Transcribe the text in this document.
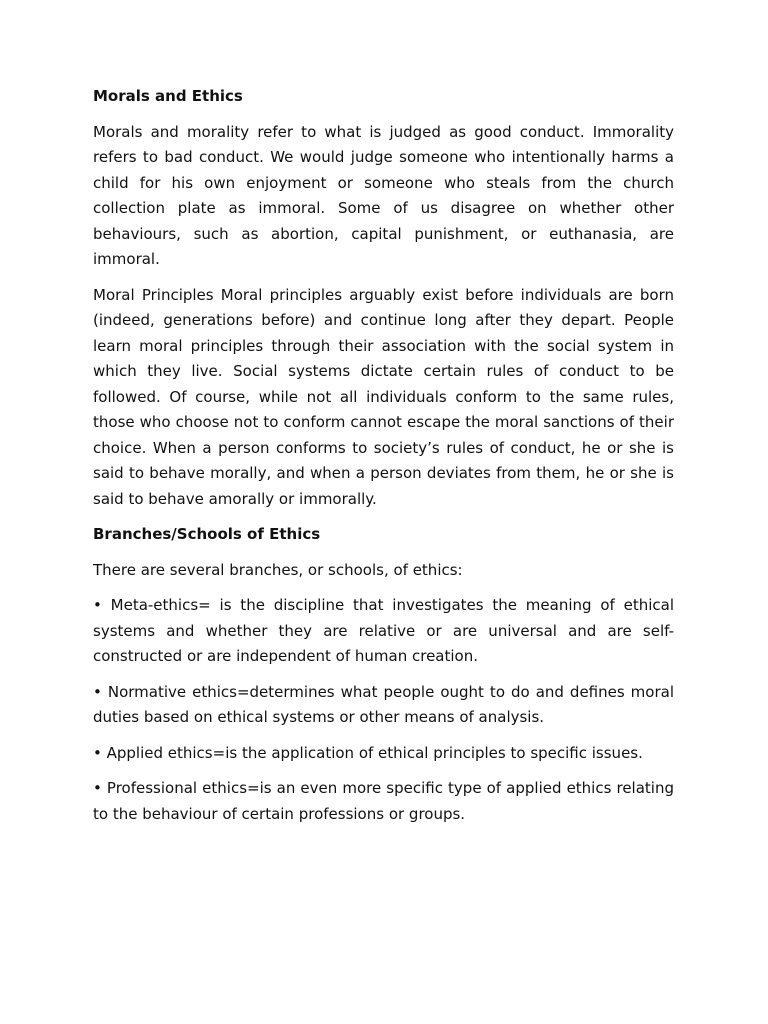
Morals and Ethics

Morals and morality refer to what is judged as good conduct. Immorality refers to bad conduct. We would judge someone who intentionally harms a child for his own enjoyment or someone who steals from the church collection plate as immoral. Some of us disagree on whether other behaviours, such as abortion, capital punishment, or euthanasia, are immoral.

Moral Principles Moral principles arguably exist before individuals are born (indeed, generations before) and continue long after they depart. People learn moral principles through their association with the social system in which they live. Social systems dictate certain rules of conduct to be followed. Of course, while not all individuals conform to the same rules, those who choose not to conform cannot escape the moral sanctions of their choice. When a person conforms to society’s rules of conduct, he or she is said to behave morally, and when a person deviates from them, he or she is said to behave amorally or immorally.

Branches/Schools of Ethics

There are several branches, or schools, of ethics:

• Meta-ethics= is the discipline that investigates the meaning of ethical systems and whether they are relative or are universal and are self-constructed or are independent of human creation.

• Normative ethics=determines what people ought to do and defines moral duties based on ethical systems or other means of analysis.

• Applied ethics=is the application of ethical principles to specific issues.

• Professional ethics=is an even more specific type of applied ethics relating to the behaviour of certain professions or groups.
